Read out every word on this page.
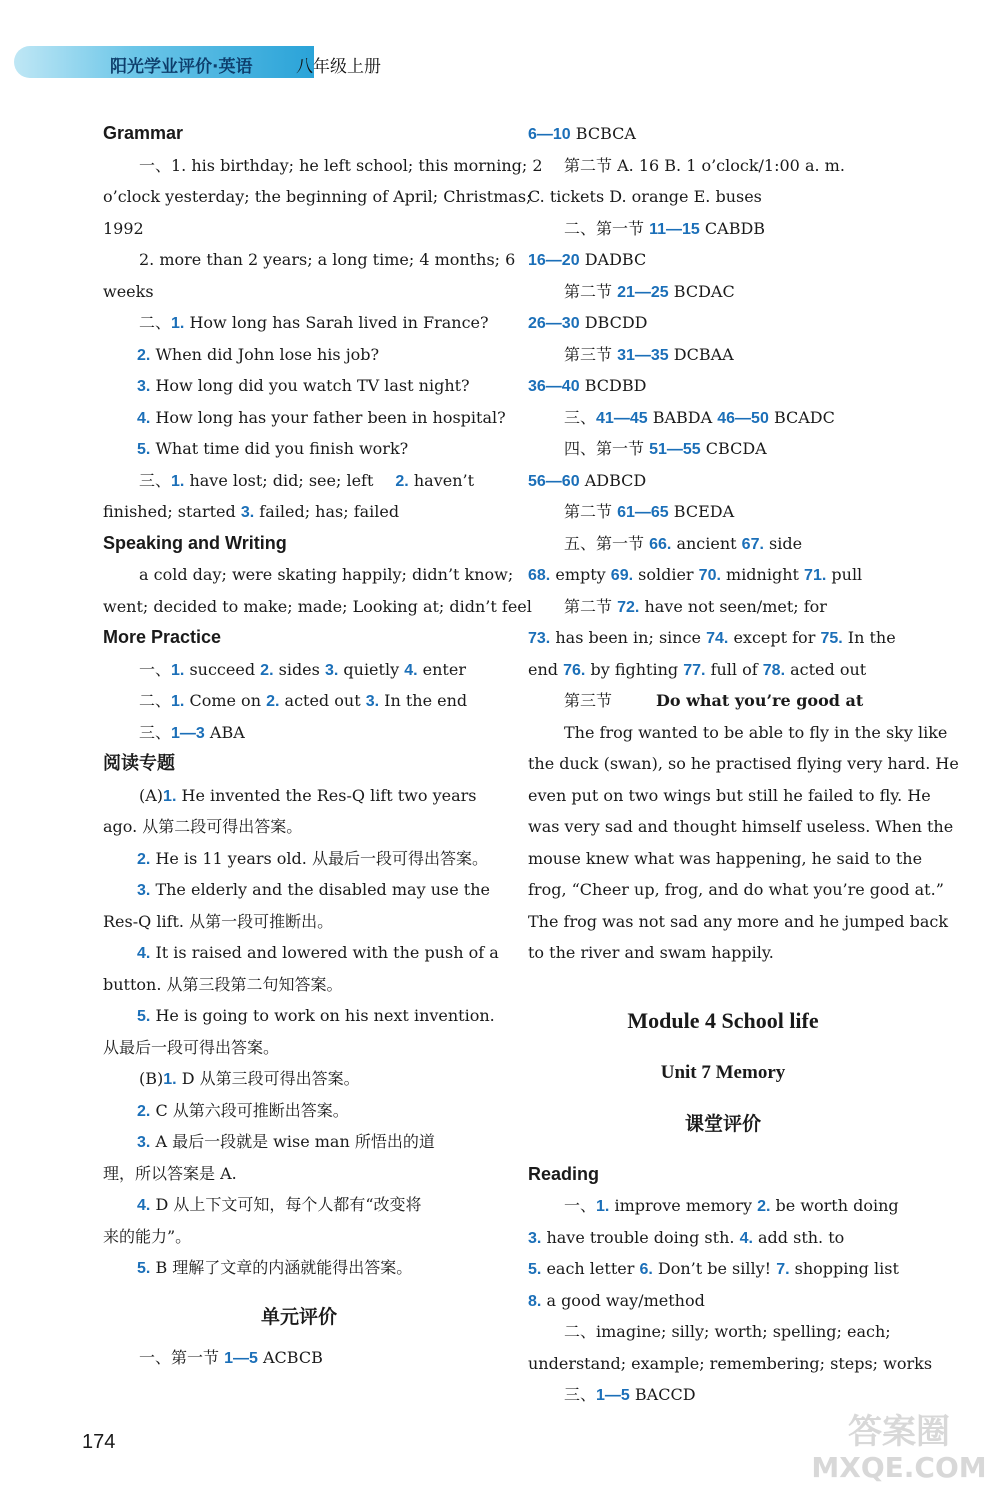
阳光学业评价·英语	八年级上册
Grammar
一、1. his birthday; he left school; this morning; 2
o’clock yesterday; the beginning of April; Christmas;
1992
2. more than 2 years; a long time; 4 months; 6
weeks
二、1. How long has Sarah lived in France?
2. When did John lose his job?
3. How long did you watch TV last night?
4. How long has your father been in hospital?
5. What time did you finish work?
三、1. have lost; did; see; left 2. haven’t
finished; started 3. failed; has; failed
Speaking and Writing
a cold day; were skating happily; didn’t know;
went; decided to make; made; Looking at; didn’t feel
More Practice
一、1. succeed 2. sides 3. quietly 4. enter
二、1. Come on 2. acted out 3. In the end
三、1—3 ABA
阅读专题
(A)1. He invented the Res-Q lift two years
ago. 从第二段可得出答案。
2. He is 11 years old. 从最后一段可得出答案。
3. The elderly and the disabled may use the
Res-Q lift. 从第一段可推断出。
4. It is raised and lowered with the push of a
button. 从第三段第二句知答案。
5. He is going to work on his next invention.
从最后一段可得出答案。
(B)1. D 从第三段可得出答案。
2. C 从第六段可推断出答案。
3. A 最后一段就是 wise man 所悟出的道
理，所以答案是 A.
4. D 从上下文可知，每个人都有“改变将
来的能力”。
5. B 理解了文章的内涵就能得出答案。
单元评价
一、第一节 1—5 ACBCB
6—10 BCBCA
第二节 A. 16 B. 1 o’clock/1:00 a. m.
C. tickets D. orange E. buses
二、第一节 11—15 CABDB
16—20 DADBC
第二节 21—25 BCDAC
26—30 DBCDD
第三节 31—35 DCBAA
36—40 BCDBD
三、41—45 BABDA 46—50 BCADC
四、第一节 51—55 CBCDA
56—60 ADBCD
第二节 61—65 BCEDA
五、第一节 66. ancient 67. side
68. empty 69. soldier 70. midnight 71. pull
第二节 72. have not seen/met; for
73. has been in; since 74. except for 75. In the
end 76. by fighting 77. full of 78. acted out
第三节	Do what you’re good at
The frog wanted to be able to fly in the sky like
the duck (swan), so he practised flying very hard. He
even put on two wings but still he failed to fly. He
was very sad and thought himself useless. When the
mouse knew what was happening, he said to the
frog, “Cheer up, frog, and do what you’re good at.”
The frog was not sad any more and he jumped back
to the river and swam happily.
Module 4 School life
Unit 7 Memory
课堂评价
Reading
一、1. improve memory 2. be worth doing
3. have trouble doing sth. 4. add sth. to
5. each letter 6. Don’t be silly! 7. shopping list
8. a good way/method
二、imagine; silly; worth; spelling; each;
understand; example; remembering; steps; works
三、1—5 BACCD
174	答案圈
MXQE.COM
